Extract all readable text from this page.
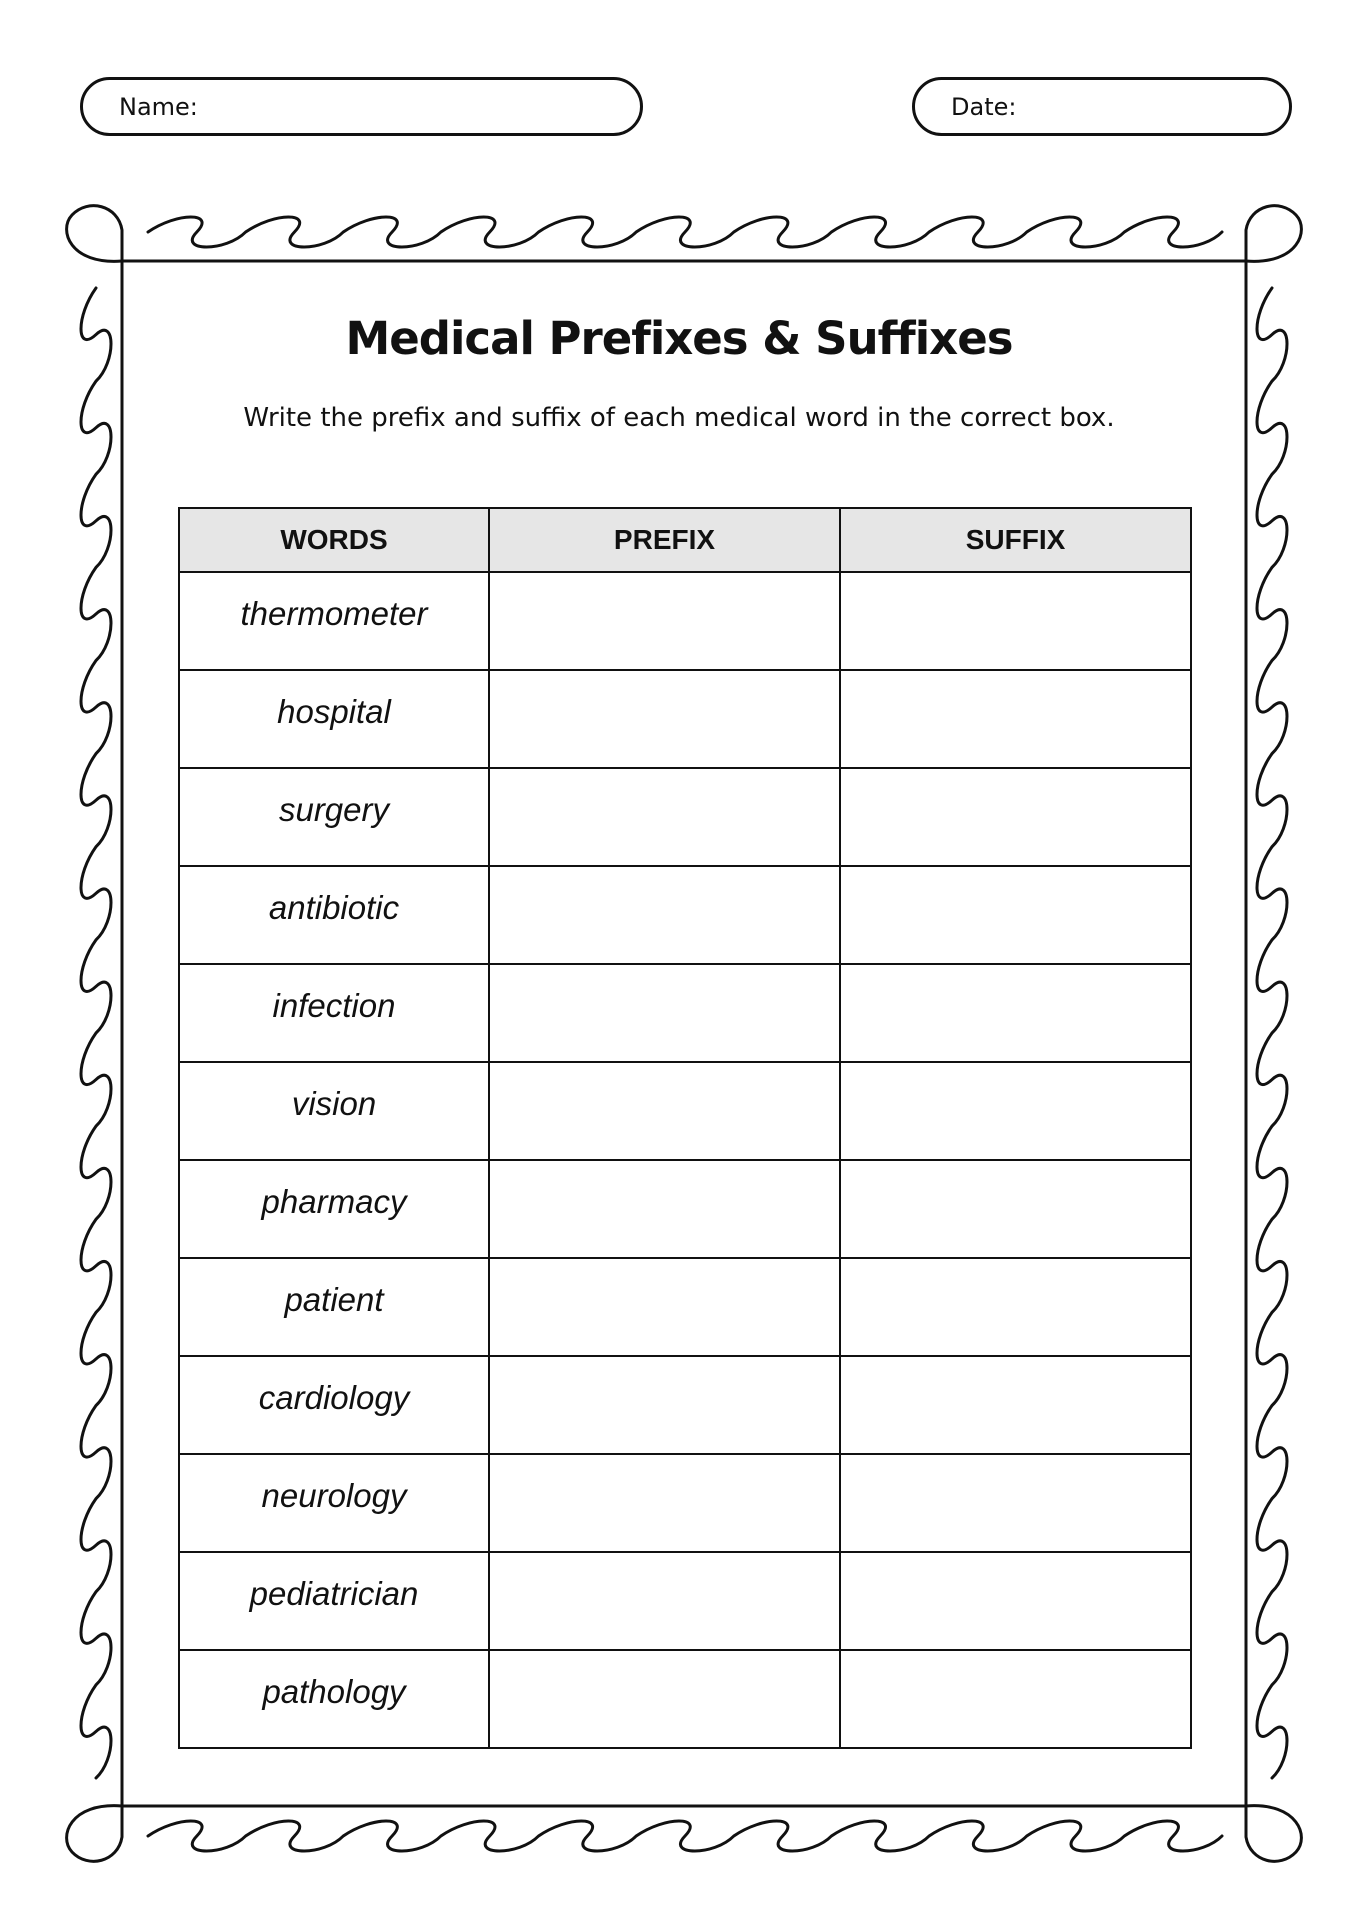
Name:	Date:
Medical Prefixes & Suffixes
Write the prefix and suffix of each medical word in the correct box.
WORDS	PREFIX	SUFFIX
thermometer		
hospital		
surgery		
antibiotic		
infection		
vision		
pharmacy		
patient		
cardiology		
neurology		
pediatrician		
pathology		
